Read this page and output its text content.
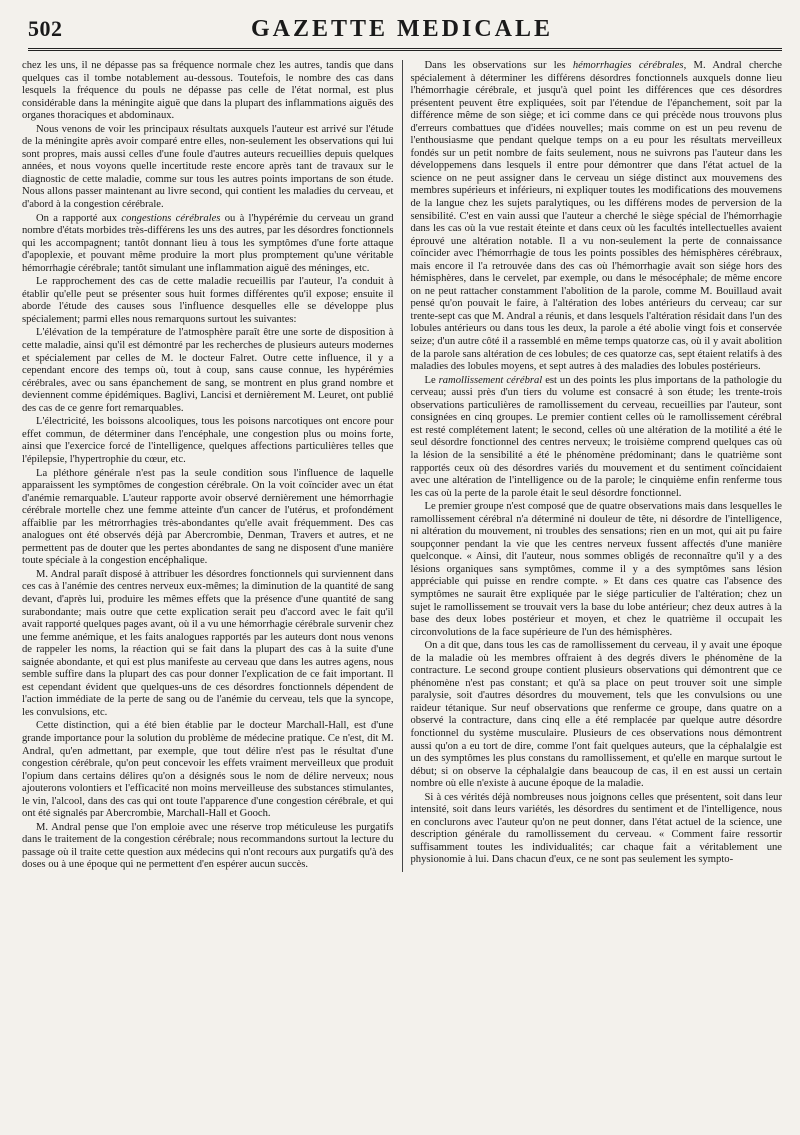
502	GAZETTE MEDICALE

chez les uns, il ne dépasse pas sa fréquence normale chez les autres, tandis que dans quelques cas il tombe notablement au-dessous. Toutefois, le nombre des cas dans lesquels la fréquence du pouls ne dépasse pas celle de l'état normal, est plus considérable dans la méningite aiguë que dans la plupart des inflammations aiguës des organes thoraciques et abdominaux.

Nous venons de voir les principaux résultats auxquels l'auteur est arrivé sur l'étude de la méningite après avoir comparé entre elles, non-seulement les observations qui lui sont propres, mais aussi celles d'une foule d'autres auteurs recueillies depuis quelques années, et nous voyons quelle incertitude reste encore après tant de travaux sur le diagnostic de cette maladie, comme sur tous les autres points importans de son étude. Nous allons passer maintenant au livre second, qui contient les maladies du cerveau, et d'abord à la congestion cérébrale.

On a rapporté aux congestions cérébrales ou à l'hypérémie du cerveau un grand nombre d'états morbides très-différens les uns des autres, par les désordres fonctionnels qui les accompagnent; tantôt donnant lieu à tous les symptômes d'une forte attaque d'apoplexie, et pouvant même produire la mort plus promptement qu'une véritable hémorrhagie cérébrale; tantôt simulant une inflammation aiguë des méninges, etc.

Le rapprochement des cas de cette maladie recueillis par l'auteur, l'a conduit à établir qu'elle peut se présenter sous huit formes différentes qu'il expose; ensuite il aborde l'étude des causes sous l'influence desquelles elle se développe plus spécialement; parmi elles nous remarquons surtout les suivantes:

L'élévation de la température de l'atmosphère paraît être une sorte de disposition à cette maladie, ainsi qu'il est démontré par les recherches de plusieurs auteurs modernes et spécialement par celles de M. le docteur Falret. Outre cette influence, il y a cependant encore des temps où, tout à coup, sans cause connue, les hypérémies cérébrales, avec ou sans épanchement de sang, se montrent en plus grand nombre et deviennent comme épidémiques. Baglivi, Lancisi et dernièrement M. Leuret, ont publié des cas de ce genre fort remarquables.

L'électricité, les boissons alcooliques, tous les poisons narcotiques ont encore pour effet commun, de déterminer dans l'encéphale, une congestion plus ou moins forte, ainsi que l'exercice forcé de l'intelligence, quelques affections particulières telles que l'épilepsie, l'hypertrophie du cœur, etc.

La pléthore générale n'est pas la seule condition sous l'influence de laquelle apparaissent les symptômes de congestion cérébrale. On la voit coïncider avec un état d'anémie remarquable. L'auteur rapporte avoir observé dernièrement une hémorrhagie cérébrale mortelle chez une femme atteinte d'un cancer de l'utérus, et profondément affaiblie par les métrorrhagies très-abondantes qu'elle avait fréquemment. Des cas analogues ont été observés déjà par Abercrombie, Denman, Travers et autres, et ne permettent pas de douter que les pertes abondantes de sang ne disposent d'une manière toute spéciale à la congestion encéphalique.

M. Andral paraît disposé à attribuer les désordres fonctionnels qui surviennent dans ces cas à l'anémie des centres nerveux eux-mêmes; la diminution de la quantité de sang devant, d'après lui, produire les mêmes effets que la présence d'une quantité de sang surabondante; mais outre que cette explication serait peu d'accord avec le fait qu'il avait rapporté quelques pages avant, où il a vu une hémorrhagie cérébrale survenir chez une femme anémique, et les faits analogues rapportés par les auteurs dont nous venons de rappeler les noms, la réaction qui se fait dans la plupart des cas à la suite d'une saignée abondante, et qui est plus manifeste au cerveau que dans les autres agens, nous semble suffire dans la plupart des cas pour donner l'explication de ce fait important. Il est cependant évident que quelques-uns de ces désordres fonctionnels dépendent de l'action immédiate de la perte de sang ou de l'anémie du cerveau, tels que la syncope, les convulsions, etc.

Cette distinction, qui a été bien établie par le docteur Marchall-Hall, est d'une grande importance pour la solution du problème de médecine pratique. Ce n'est, dit M. Andral, qu'en admettant, par exemple, que tout délire n'est pas le résultat d'une congestion cérébrale, qu'on peut concevoir les effets vraiment merveilleux que produit l'opium dans certains délires qu'on a désignés sous le nom de délire nerveux; nous ajouterons volontiers et l'efficacité non moins merveilleuse des substances stimulantes, le vin, l'alcool, dans des cas qui ont toute l'apparence d'une congestion cérébrale, et qui ont été signalés par Abercrombie, Marchall-Hall et Gooch.

M. Andral pense que l'on emploie avec une réserve trop méticuleuse les purgatifs dans le traitement de la congestion cérébrale; nous recommandons surtout la lecture du passage où il traite cette question aux médecins qui n'ont recours aux purgatifs qu'à des doses ou à une époque qui ne permettent d'en espérer aucun succès.

Dans les observations sur les hémorrhagies cérébrales, M. Andral cherche spécialement à déterminer les différens désordres fonctionnels auxquels donne lieu l'hémorrhagie cérébrale, et jusqu'à quel point les différences que ces désordres présentent peuvent être expliquées, soit par l'étendue de l'épanchement, soit par la différence même de son siège; et ici comme dans ce qui précède nous trouvons plus d'erreurs combattues que d'idées nouvelles; mais comme on est un peu revenu de l'enthousiasme que pendant quelque temps on a eu pour les résultats merveilleux fondés sur un petit nombre de faits seulement, nous ne suivrons pas l'auteur dans les développemens dans lesquels il entre pour démontrer que dans l'état actuel de la science on ne peut assigner dans le cerveau un siége distinct aux mouvemens des membres supérieurs et inférieurs, ni expliquer toutes les modifications des mouvemens de la langue chez les sujets paralytiques, ou les différens modes de perversion de la sensibilité. C'est en vain aussi que l'auteur a cherché le siège spécial de l'hémorrhagie dans les cas où la vue restait éteinte et dans ceux où les facultés intellectuelles avaient éprouvé une altération notable. Il a vu non-seulement la perte de connaissance coïncider avec l'hémorrhagie de tous les points possibles des hémisphères cérébraux, mais encore il l'a retrouvée dans des cas où l'hémorrhagie avait son siége hors des hémisphères, dans le cervelet, par exemple, ou dans le mésocéphale; de même encore on ne peut rattacher constamment l'abolition de la parole, comme M. Bouillaud avait pensé qu'on pouvait le faire, à l'altération des lobes antérieurs du cerveau; car sur trente-sept cas que M. Andral a réunis, et dans lesquels l'altération résidait dans l'un des lobules antérieurs ou dans tous les deux, la parole a été abolie vingt fois et conservée seize; d'un autre côté il a rassemblé en même temps quatorze cas, où il y avait abolition de la parole sans altération de ces lobules; de ces quatorze cas, sept étaient relatifs à des maladies des lobules moyens, et sept autres à des maladies des lobules postérieurs.

Le ramollissement cérébral est un des points les plus importans de la pathologie du cerveau; aussi près d'un tiers du volume est consacré à son étude; les trente-trois observations particulières de ramollissement du cerveau, recueillies par l'auteur, sont consignées en cinq groupes. Le premier contient celles où le ramollissement cérébral est resté complétement latent; le second, celles où une altération de la motilité a été le seul désordre fonctionnel des centres nerveux; le troisième comprend quelques cas où la lésion de la sensibilité a été le phénomène prédominant; dans le quatrième sont rapportés ceux où des désordres variés du mouvement et du sentiment coïncidaient avec une altération de l'intelligence ou de la parole; le cinquième enfin renferme tous les cas où la perte de la parole était le seul désordre fonctionnel.

Le premier groupe n'est composé que de quatre observations mais dans lesquelles le ramollissement cérébral n'a déterminé ni douleur de tête, ni désordre de l'intelligence, ni altération du mouvement, ni troubles des sensations; rien en un mot, qui ait pu faire soupçonner pendant la vie que les centres nerveux fussent affectés d'une manière quelconque. « Ainsi, dit l'auteur, nous sommes obligés de reconnaître qu'il y a des lésions organiques sans symptômes, comme il y a des symptômes sans lésion appréciable qui puisse en rendre compte. » Et dans ces quatre cas l'absence des symptômes ne saurait être expliquée par le siége particulier de l'altération; chez un sujet le ramollissement se trouvait vers la base du lobe antérieur; chez deux autres à la base des deux lobes postérieur et moyen, et chez le quatrième il occupait les circonvolutions de la face supérieure de l'un des hémisphères.

On a dit que, dans tous les cas de ramollissement du cerveau, il y avait une époque de la maladie où les membres offraient à des degrés divers le phénomène de la contracture. Le second groupe contient plusieurs observations qui démontrent que ce phénomène n'est pas constant; et qu'à sa place on peut trouver soit une simple paralysie, soit d'autres désordres du mouvement, tels que les convulsions ou une raideur tétanique. Sur neuf observations que renferme ce groupe, dans quatre on a observé la contracture, dans cinq elle a été remplacée par quelque autre désordre fonctionnel du système musculaire. Plusieurs de ces observations nous démontrent aussi qu'on a eu tort de dire, comme l'ont fait quelques auteurs, que la céphalalgie est un des symptômes les plus constans du ramollissement, et qu'elle en marque surtout le début; si on observe la céphalalgie dans beaucoup de cas, il en est aussi un certain nombre où elle n'existe à aucune époque de la maladie.

Si à ces vérités déjà nombreuses nous joignons celles que présentent, soit dans leur intensité, soit dans leurs variétés, les désordres du sentiment et de l'intelligence, nous en conclurons avec l'auteur qu'on ne peut donner, dans l'état actuel de la science, une description générale du ramollissement du cerveau. « Comment faire ressortir suffisamment toutes les individualités; car chaque fait a véritablement une physionomie à lui. Dans chacun d'eux, ce ne sont pas seulement les sympto-
